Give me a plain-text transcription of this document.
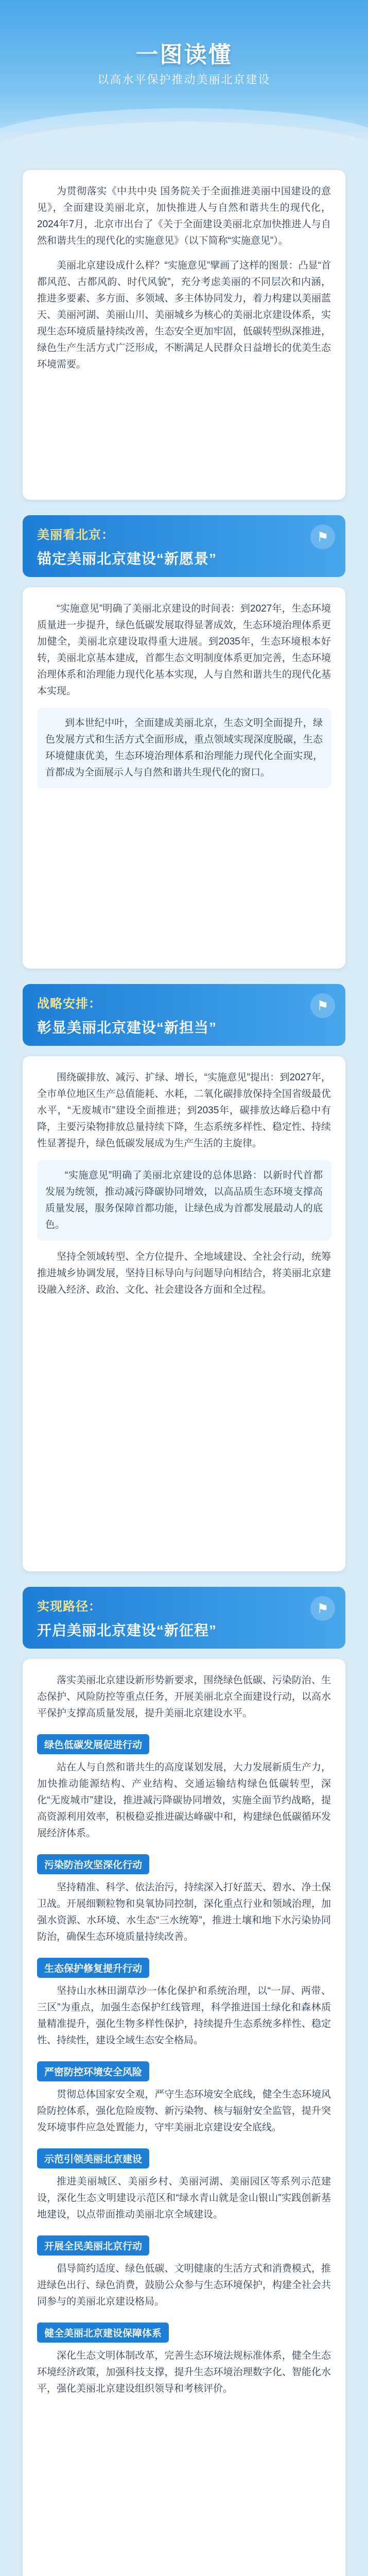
一图读懂
以高水平保护推动美丽北京建设

为贯彻落实《中共中央 国务院关于全面推进美丽中国建设的意见》，全面建设美丽北京，加快推进人与自然和谐共生的现代化，2024年7月，北京市出台了《关于全面建设美丽北京加快推进人与自然和谐共生的现代化的实施意见》（以下简称“实施意见”）。

美丽北京建设成什么样？“实施意见”擘画了这样的图景：凸显“首都风范、古都风韵、时代风貌”，充分考虑美丽的不同层次和内涵，推进多要素、多方面、多领域、多主体协同发力，着力构建以美丽蓝天、美丽河湖、美丽山川、美丽城乡为核心的美丽北京建设体系，实现生态环境质量持续改善，生态安全更加牢固，低碳转型纵深推进，绿色生产生活方式广泛形成，不断满足人民群众日益增长的优美生态环境需要。

美丽看北京：
锚定美丽北京建设“新愿景”
⚑

“实施意见”明确了美丽北京建设的时间表：到2027年，生态环境质量进一步提升，绿色低碳发展取得显著成效，生态环境治理体系更加健全，美丽北京建设取得重大进展。到2035年，生态环境根本好转，美丽北京基本建成，首都生态文明制度体系更加完善，生态环境治理体系和治理能力现代化基本实现，人与自然和谐共生的现代化基本实现。

到本世纪中叶，全面建成美丽北京，生态文明全面提升，绿色发展方式和生活方式全面形成，重点领域实现深度脱碳，生态环境健康优美，生态环境治理体系和治理能力现代化全面实现，首都成为全面展示人与自然和谐共生现代化的窗口。

战略安排：
彰显美丽北京建设“新担当”
⚑

围绕碳排放、减污、扩绿、增长，“实施意见”提出：到2027年，全市单位地区生产总值能耗、水耗，二氧化碳排放保持全国省级最优水平，“无废城市”建设全面推进；到2035年，碳排放达峰后稳中有降，主要污染物排放总量持续下降，生态系统多样性、稳定性、持续性显著提升，绿色低碳发展成为生产生活的主旋律。

“实施意见”明确了美丽北京建设的总体思路：以新时代首都发展为统领，推动减污降碳协同增效，以高品质生态环境支撑高质量发展，服务保障首都功能，让绿色成为首都发展最动人的底色。

坚持全领域转型、全方位提升、全地域建设、全社会行动，统筹推进城乡协调发展，坚持目标导向与问题导向相结合，将美丽北京建设融入经济、政治、文化、社会建设各方面和全过程。

实现路径：
开启美丽北京建设“新征程”
⚑

落实美丽北京建设新形势新要求，围绕绿色低碳、污染防治、生态保护、风险防控等重点任务，开展美丽北京全面建设行动，以高水平保护支撑高质量发展，提升美丽北京建设水平。

绿色低碳发展促进行动

站在人与自然和谐共生的高度谋划发展，大力发展新质生产力，加快推动能源结构、产业结构、交通运输结构绿色低碳转型，深化“无废城市”建设，推进减污降碳协同增效，实施全面节约战略，提高资源利用效率，积极稳妥推进碳达峰碳中和，构建绿色低碳循环发展经济体系。

污染防治攻坚深化行动

坚持精准、科学、依法治污，持续深入打好蓝天、碧水、净土保卫战。开展细颗粒物和臭氧协同控制，深化重点行业和领域治理，加强水资源、水环境、水生态“三水统筹”，推进土壤和地下水污染协同防治，确保生态环境质量持续改善。

生态保护修复提升行动

坚持山水林田湖草沙一体化保护和系统治理，以“一屏、两带、三区”为重点，加强生态保护红线管理，科学推进国土绿化和森林质量精准提升，强化生物多样性保护，持续提升生态系统多样性、稳定性、持续性，建设全域生态安全格局。

严密防控环境安全风险

贯彻总体国家安全观，严守生态环境安全底线，健全生态环境风险防控体系，强化危险废物、新污染物、核与辐射安全监管，提升突发环境事件应急处置能力，守牢美丽北京建设安全底线。

示范引领美丽北京建设

推进美丽城区、美丽乡村、美丽河湖、美丽园区等系列示范建设，深化生态文明建设示范区和“绿水青山就是金山银山”实践创新基地建设，以点带面推动美丽北京全域建设。

开展全民美丽北京行动

倡导简约适度、绿色低碳、文明健康的生活方式和消费模式，推进绿色出行、绿色消费，鼓励公众参与生态环境保护，构建全社会共同参与的美丽北京建设格局。

健全美丽北京建设保障体系

深化生态文明体制改革，完善生态环境法规标准体系，健全生态环境经济政策，加强科技支撑，提升生态环境治理数字化、智能化水平，强化美丽北京建设组织领导和考核评价。
